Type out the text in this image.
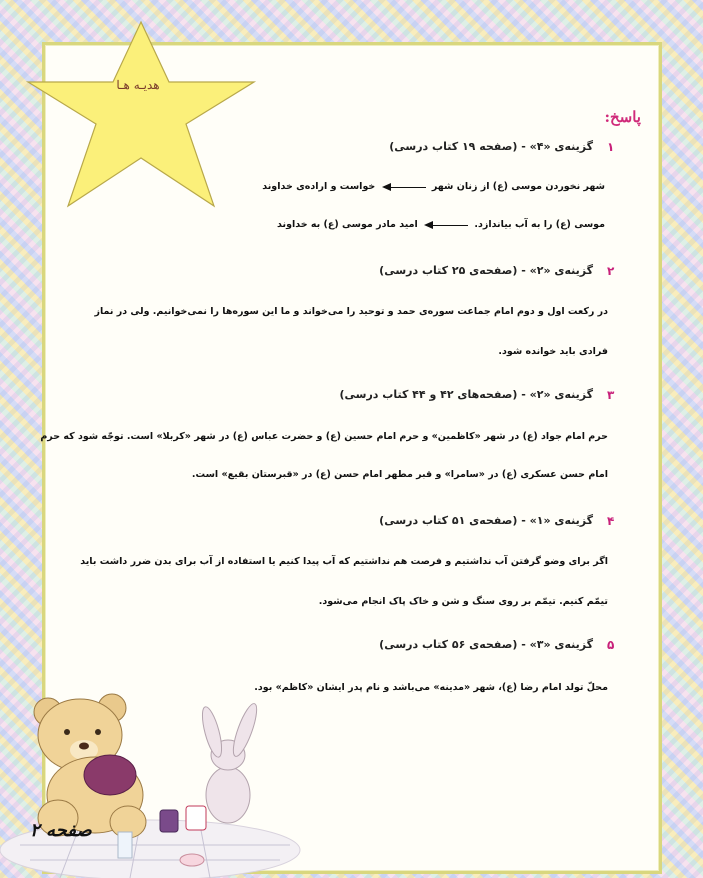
هدیـه هـا
پاسخ:
۱
گزینه‌ی «۴» - (صفحه ۱۹ کتاب درسی)
شهر نخوردن موسی (ع) از زنان شهر  خواست و اراده‌ی خداوند
موسی (ع) را به آب بیاندازد.  امید مادر موسی (ع) به خداوند
۲
گزینه‌ی «۲» - (صفحه‌ی ۲۵ کتاب درسی)
در رکعت اول و دوم امام جماعت سوره‌ی حمد و توحید را می‌خواند و ما این سوره‌ها را نمی‌خوانیم. ولی در نماز
فرادی باید خوانده شود.
۳
گزینه‌ی «۲» - (صفحه‌های ۴۲ و ۴۴ کتاب درسی)
حرم امام جواد (ع) در شهر «کاظمین» و حرم امام حسین (ع) و حضرت عباس (ع) در شهر «کربلا» است. توجّه شود که حرم
امام حسن عسکری (ع) در «سامرا» و قبر مطهر امام حسن (ع) در «قبرستان بقیع» است.
۴
گزینه‌ی «۱» - (صفحه‌ی ۵۱ کتاب درسی)
اگر برای وضو گرفتن آب نداشتیم و فرصت هم نداشتیم که آب پیدا کنیم یا استفاده از آب برای بدن ضرر داشت باید
تیمّم کنیم. تیمّم بر روی سنگ و شن و خاک پاک انجام می‌شود.
۵
گزینه‌ی «۳» - (صفحه‌ی ۵۶ کتاب درسی)
محلّ تولد امام رضا (ع)، شهر «مدینه» می‌باشد و نام پدر ایشان «کاظم» بود.
صفحه ۲
